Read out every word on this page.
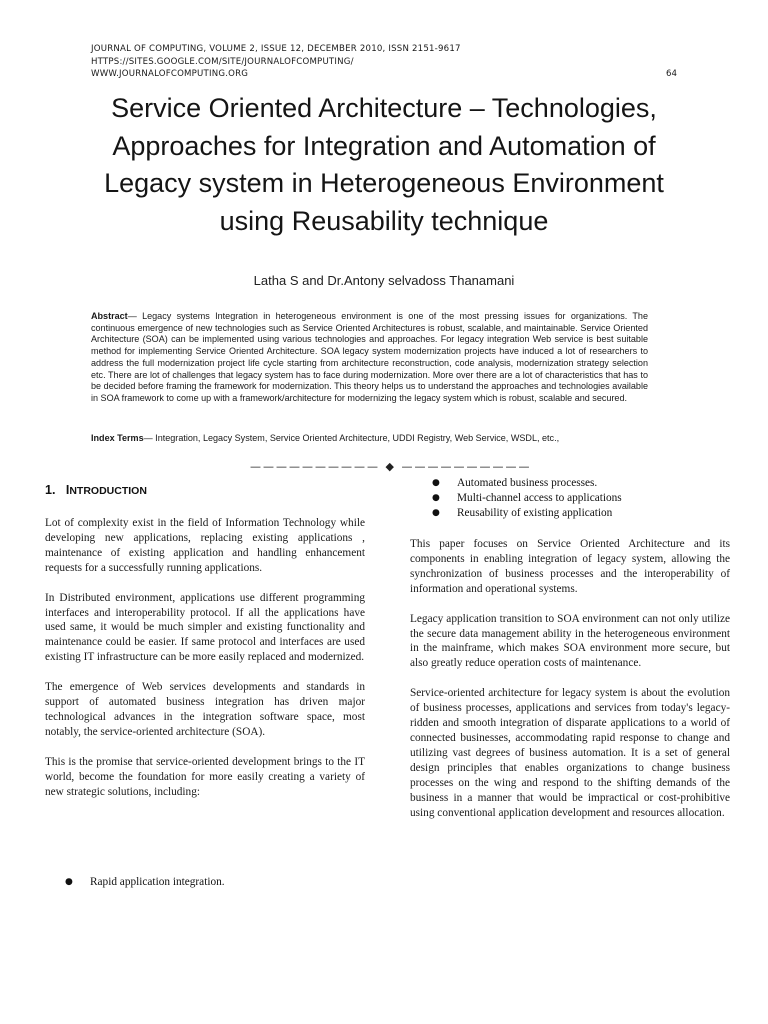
JOURNAL OF COMPUTING, VOLUME 2, ISSUE 12, DECEMBER 2010, ISSN 2151-9617
HTTPS://SITES.GOOGLE.COM/SITE/JOURNALOFCOMPUTING/
WWW.JOURNALOFCOMPUTING.ORG	64
Service Oriented Architecture – Technologies, Approaches for Integration and Automation of Legacy system in Heterogeneous Environment using Reusability technique
Latha S and Dr.Antony selvadoss Thanamani
Abstract— Legacy systems Integration in heterogeneous environment is one of the most pressing issues for organizations. The continuous emergence of new technologies such as Service Oriented Architectures is robust, scalable, and maintainable. Service Oriented Architecture (SOA) can be implemented using various technologies and approaches. For legacy integration Web service is best suitable method for implementing Service Oriented Architecture. SOA legacy system modernization projects have induced a lot of researchers to address the full modernization project life cycle starting from architecture reconstruction, code analysis, modernization strategy selection etc. There are lot of challenges that legacy system has to face during modernization. More over there are a lot of characteristics that has to be decided before framing the framework for modernization. This theory helps us to understand the approaches and technologies available in SOA framework to come up with a framework/architecture for modernizing the legacy system which is robust, scalable and secured.
Index Terms— Integration, Legacy System, Service Oriented Architecture, UDDI Registry, Web Service, WSDL, etc.,
—————————— ◆ ——————————
1. INTRODUCTION

Lot of complexity exist in the field of Information Technology while developing new applications, replacing existing applications , maintenance of existing application and handling enhancement requests for a successfully running applications.

In Distributed environment, applications use different programming interfaces and interoperability protocol. If all the applications have used same, it would be much simpler and existing functionality and maintenance could be easier. If same protocol and interfaces are used existing IT infrastructure can be more easily replaced and modernized.

The emergence of Web services developments and standards in support of automated business integration has driven major technological advances in the integration software space, most notably, the service-oriented architecture (SOA).

This is the promise that service-oriented development brings to the IT world, become the foundation for more easily creating a variety of new strategic solutions, including:

● Rapid application integration.
● Automated business processes.
● Multi-channel access to applications
● Reusability of existing application

This paper focuses on Service Oriented Architecture and its components in enabling integration of legacy system, allowing the synchronization of business processes and the interoperability of information and operational systems.

Legacy application transition to SOA environment can not only utilize the secure data management ability in the heterogeneous environment in the mainframe, which makes SOA environment more secure, but also greatly reduce operation costs of maintenance.

Service-oriented architecture for legacy system is about the evolution of business processes, applications and services from today's legacy-ridden and smooth integration of disparate applications to a world of connected businesses, accommodating rapid response to change and utilizing vast degrees of business automation. It is a set of general design principles that enables organizations to change business processes on the wing and respond to the shifting demands of the business in a manner that would be impractical or cost-prohibitive using conventional application development and resources allocation.
